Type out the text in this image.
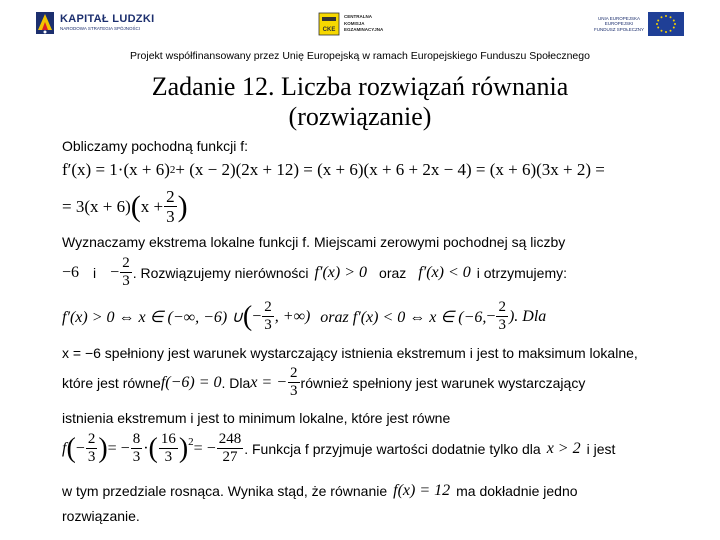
KAPITAŁ LUDZKI
NARODOWA STRATEGIA SPÓJNOŚCI	CKE
CENTRALNA
KOMISJA
EGZAMINACYJNA
UNIA EUROPEJSKA
EUROPEJSKI
FUNDUSZ SPOŁECZNY
Projekt współfinansowany przez Unię Europejską w ramach Europejskiego Funduszu Społecznego
Zadanie 12. Liczba rozwiązań równania
(rozwiązanie)
Obliczamy pochodną funkcji f:
f′(x) = 1·(x + 6) 2 + (x − 2)(2x + 12) = (x + 6)(x + 6 + 2x − 4) = (x + 6)(3x + 2) =
= 3(x + 6) ( $x + \frac{2}{3}$ )
Wyznaczamy ekstrema lokalne funkcji f. Miejscami zerowymi pochodnej są liczby
−6 $i - \frac{2}{3}$ . Rozwiązujemy nierówności f′(x) > 0 oraz f′(x) < 0 i otrzymujemy:
f′(x) > 0 ⇔ x ∈ (−∞, −6) ∪ ( − $\frac{2}{3}$ , +∞) oraz f′(x) < 0 ⇔ x ∈ (−6, − $\frac{2}{3}$ ). Dla
x = −6 spełniony jest warunek wystarczający istnienia ekstremum i jest to maksimum lokalne,
które jest równe f(−6) = 0 . Dla x = − $\frac{2}{3}$ również spełniony jest warunek wystarczający
istnienia ekstremum i jest to minimum lokalne, które jest równe
f ( − $\frac{2}{3}$ ) = − $\frac{8}{3}$ · ( $\frac{16}{3} )^2$ = − $\frac{248}{27}$ . Funkcja f przyjmuje wartości dodatnie tylko dla x > 2 i jest
w tym przedziale rosnąca. Wynika stąd, że równanie f(x) = 12 ma dokładnie jedno
rozwiązanie.
